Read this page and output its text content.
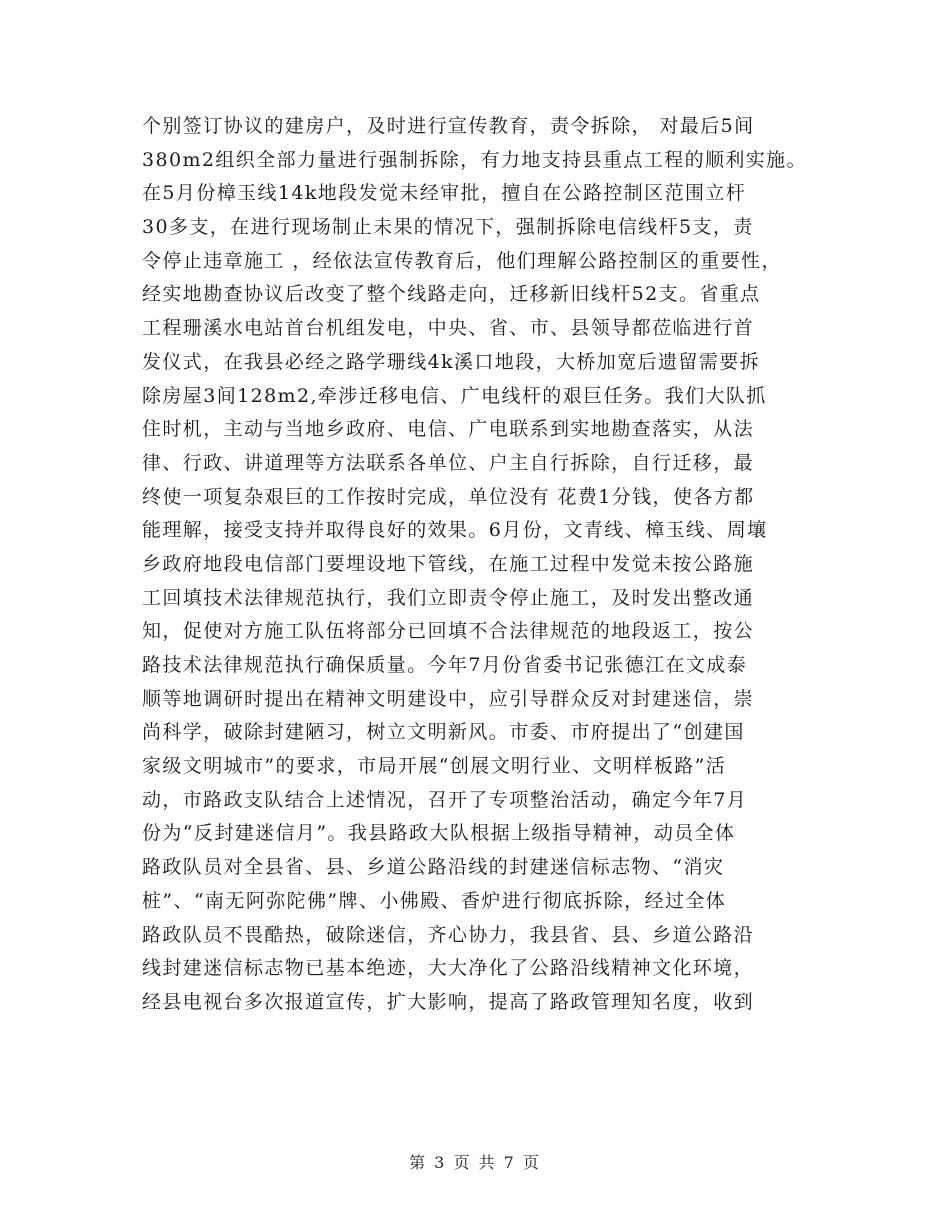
个别签订协议的建房户，及时进行宣传教育，责令拆除， 对最后5间
380m2组织全部力量进行强制拆除，有力地支持县重点工程的顺利实施。
在5月份樟玉线14k地段发觉未经审批，擅自在公路控制区范围立杆
30多支，在进行现场制止未果的情况下，强制拆除电信线杆5支，责
令停止违章施工 ，经依法宣传教育后，他们理解公路控制区的重要性，
经实地勘查协议后改变了整个线路走向，迁移新旧线杆52支。省重点
工程珊溪水电站首台机组发电，中央、省、市、县领导都莅临进行首
发仪式，在我县必经之路学珊线4k溪口地段，大桥加宽后遗留需要拆
除房屋3间128m2,牵涉迁移电信、广电线杆的艰巨任务。我们大队抓
住时机，主动与当地乡政府、电信、广电联系到实地勘查落实，从法
律、行政、讲道理等方法联系各单位、户主自行拆除，自行迁移，最
终使一项复杂艰巨的工作按时完成，单位没有 花费1分钱，使各方都
能理解，接受支持并取得良好的效果。6月份，文青线、樟玉线、周壤
乡政府地段电信部门要埋设地下管线，在施工过程中发觉未按公路施
工回填技术法律规范执行，我们立即责令停止施工，及时发出整改通
知，促使对方施工队伍将部分已回填不合法律规范的地段返工，按公
路技术法律规范执行确保质量。今年7月份省委书记张德江在文成泰
顺等地调研时提出在精神文明建设中，应引导群众反对封建迷信，崇
尚科学，破除封建陋习，树立文明新风。市委、市府提出了“创建国
家级文明城市”的要求，市局开展“创展文明行业、文明样板路”活
动，市路政支队结合上述情况，召开了专项整治活动，确定今年7月
份为“反封建迷信月”。我县路政大队根据上级指导精神，动员全体
路政队员对全县省、县、乡道公路沿线的封建迷信标志物、“消灾
桩”、“南无阿弥陀佛”牌、小佛殿、香炉进行彻底拆除，经过全体
路政队员不畏酷热，破除迷信，齐心协力，我县省、县、乡道公路沿
线封建迷信标志物已基本绝迹，大大净化了公路沿线精神文化环境，
经县电视台多次报道宣传，扩大影响，提高了路政管理知名度，收到
第 3 页 共 7 页
